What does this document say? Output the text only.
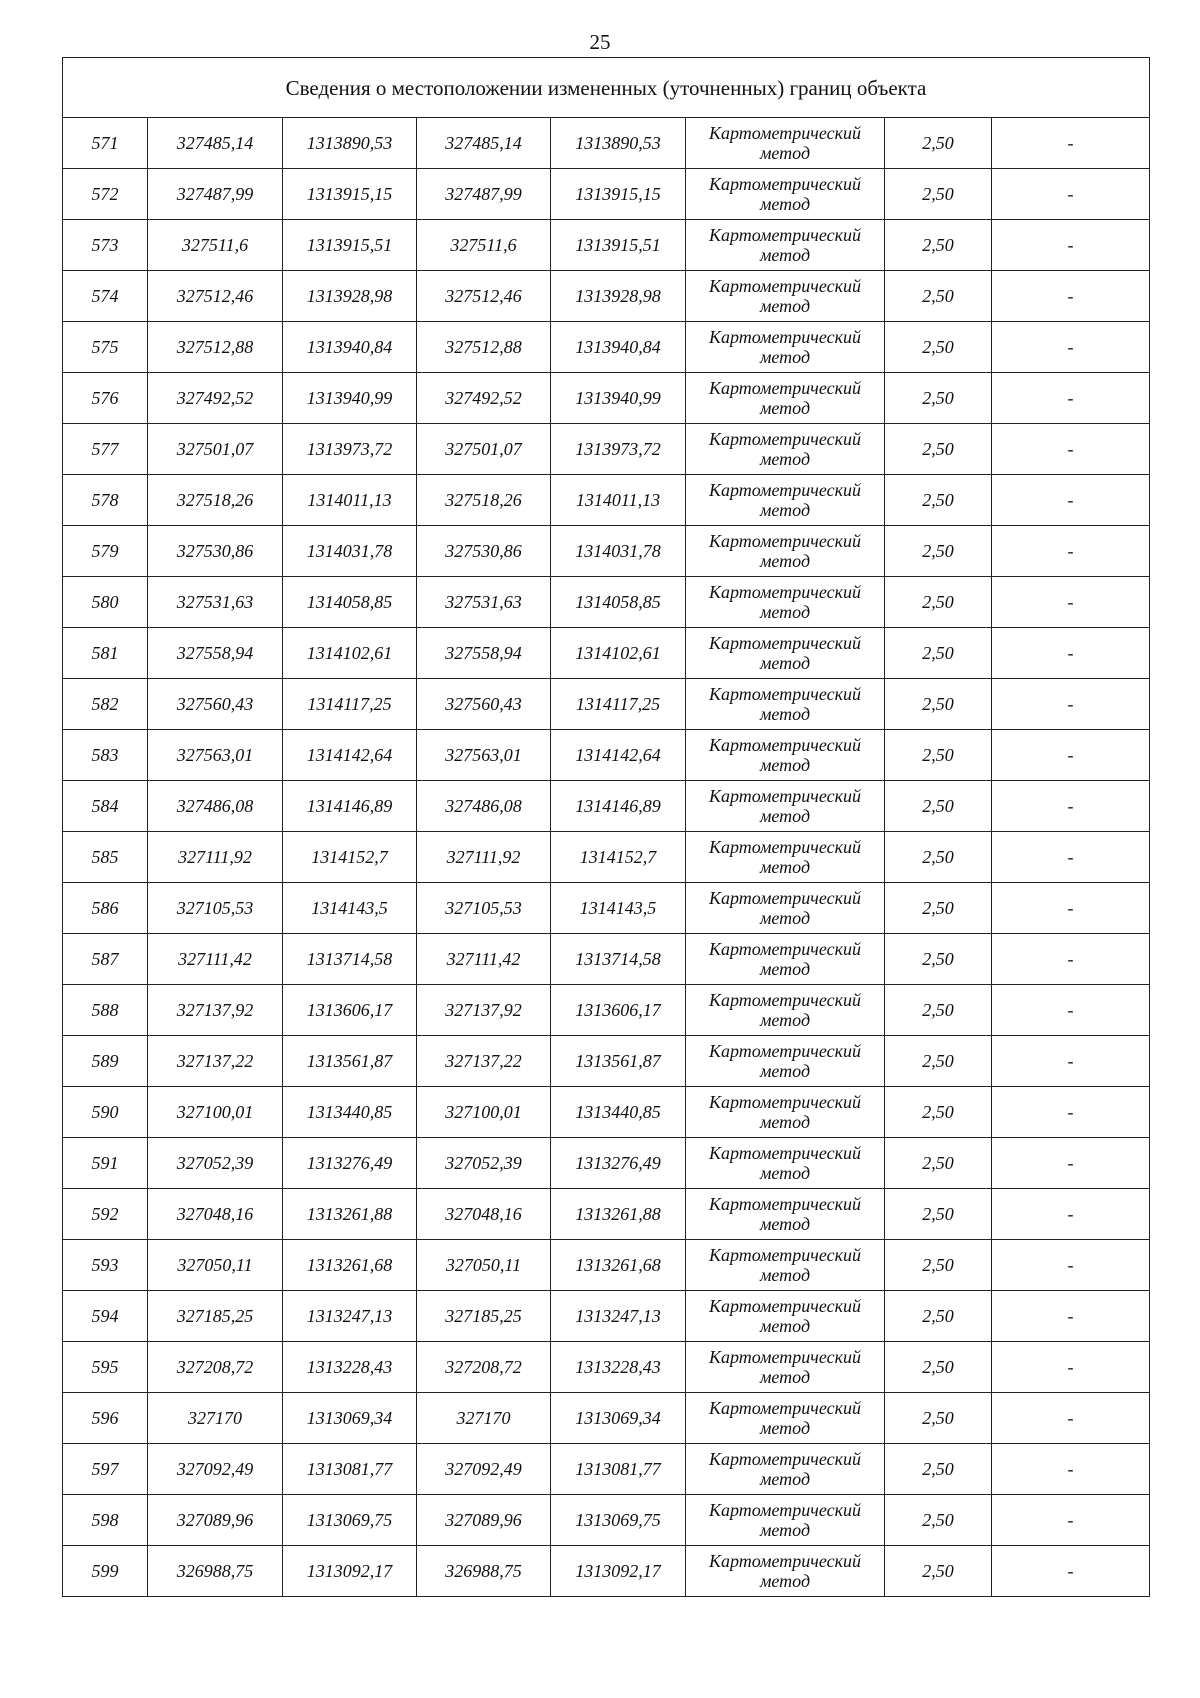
25
Сведения о местоположении измененных (уточненных) границ объекта							
571	327485,14	1313890,53	327485,14	1313890,53	Картометрический метод	2,50	-
572	327487,99	1313915,15	327487,99	1313915,15	Картометрический метод	2,50	-
573	327511,6	1313915,51	327511,6	1313915,51	Картометрический метод	2,50	-
574	327512,46	1313928,98	327512,46	1313928,98	Картометрический метод	2,50	-
575	327512,88	1313940,84	327512,88	1313940,84	Картометрический метод	2,50	-
576	327492,52	1313940,99	327492,52	1313940,99	Картометрический метод	2,50	-
577	327501,07	1313973,72	327501,07	1313973,72	Картометрический метод	2,50	-
578	327518,26	1314011,13	327518,26	1314011,13	Картометрический метод	2,50	-
579	327530,86	1314031,78	327530,86	1314031,78	Картометрический метод	2,50	-
580	327531,63	1314058,85	327531,63	1314058,85	Картометрический метод	2,50	-
581	327558,94	1314102,61	327558,94	1314102,61	Картометрический метод	2,50	-
582	327560,43	1314117,25	327560,43	1314117,25	Картометрический метод	2,50	-
583	327563,01	1314142,64	327563,01	1314142,64	Картометрический метод	2,50	-
584	327486,08	1314146,89	327486,08	1314146,89	Картометрический метод	2,50	-
585	327111,92	1314152,7	327111,92	1314152,7	Картометрический метод	2,50	-
586	327105,53	1314143,5	327105,53	1314143,5	Картометрический метод	2,50	-
587	327111,42	1313714,58	327111,42	1313714,58	Картометрический метод	2,50	-
588	327137,92	1313606,17	327137,92	1313606,17	Картометрический метод	2,50	-
589	327137,22	1313561,87	327137,22	1313561,87	Картометрический метод	2,50	-
590	327100,01	1313440,85	327100,01	1313440,85	Картометрический метод	2,50	-
591	327052,39	1313276,49	327052,39	1313276,49	Картометрический метод	2,50	-
592	327048,16	1313261,88	327048,16	1313261,88	Картометрический метод	2,50	-
593	327050,11	1313261,68	327050,11	1313261,68	Картометрический метод	2,50	-
594	327185,25	1313247,13	327185,25	1313247,13	Картометрический метод	2,50	-
595	327208,72	1313228,43	327208,72	1313228,43	Картометрический метод	2,50	-
596	327170	1313069,34	327170	1313069,34	Картометрический метод	2,50	-
597	327092,49	1313081,77	327092,49	1313081,77	Картометрический метод	2,50	-
598	327089,96	1313069,75	327089,96	1313069,75	Картометрический метод	2,50	-
599	326988,75	1313092,17	326988,75	1313092,17	Картометрический метод	2,50	-
